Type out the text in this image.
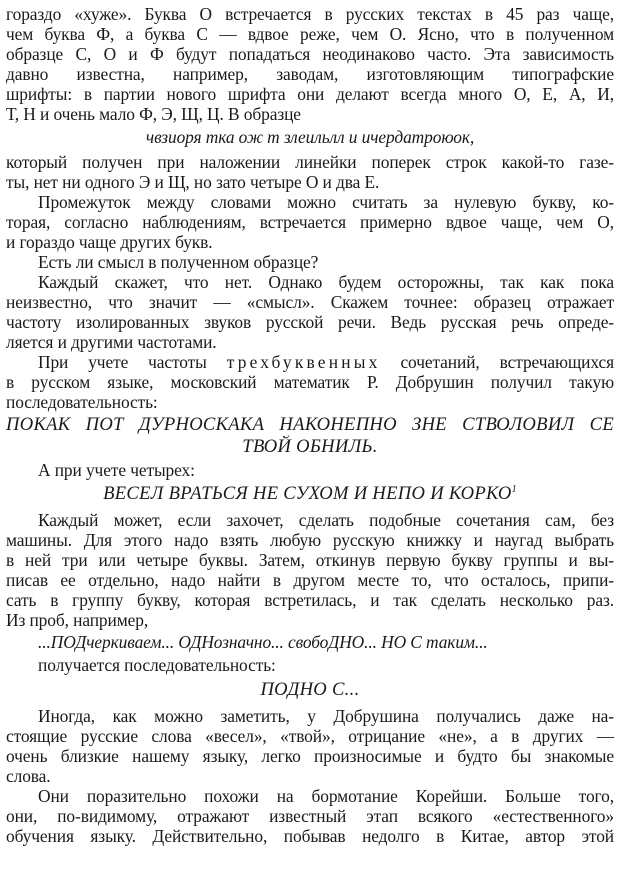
гораздо «хуже». Буква О встречается в русских текстах в 45 раз чаще,
чем буква Ф, а буква С — вдвое реже, чем О. Ясно, что в полученном
образце С, О и Ф будут попадаться неодинаково часто. Эта зависимость
давно известна, например, заводам, изготовляющим типографские
шрифты: в партии нового шрифта они делают всегда много О, Е, А, И,
Т, Н и очень мало Ф, Э, Щ, Ц. В образце
чвзиоря тка ож т злеильлл и ичердатроюок,
который получен при наложении линейки поперек строк какой-то газе-
ты, нет ни одного Э и Щ, но зато четыре О и два Е.
Промежуток между словами можно считать за нулевую букву, ко-
торая, согласно наблюдениям, встречается примерно вдвое чаще, чем О,
и гораздо чаще других букв.
Есть ли смысл в полученном образце?
Каждый скажет, что нет. Однако будем осторожны, так как пока
неизвестно, что значит — «смысл». Скажем точнее: образец отражает
частоту изолированных звуков русской речи. Ведь русская речь опреде-
ляется и другими частотами.
При учете частоты трехбуквенных сочетаний, встречающихся
в русском языке, московский математик Р. Добрушин получил такую
последовательность:
ПОКАК ПОТ ДУРНОСКАКА НАКОНЕПНО ЗНЕ СТВОЛОВИЛ СЕ
ТВОЙ ОБНИЛЬ.
А при учете четырех:
ВЕСЕЛ ВРАТЬСЯ НЕ СУХОМ И НЕПО И КОРКО$^1$
Каждый может, если захочет, сделать подобные сочетания сам, без
машины. Для этого надо взять любую русскую книжку и наугад выбрать
в ней три или четыре буквы. Затем, откинув первую букву группы и вы-
писав ее отдельно, надо найти в другом месте то, что осталось, припи-
сать в группу букву, которая встретилась, и так сделать несколько раз.
Из проб, например,
...ПОДчеркиваем... ОДНозначно... свобоДНО... НО С таким...
получается последовательность:
ПОДНО С...
Иногда, как можно заметить, у Добрушина получались даже на-
стоящие русские слова «весел», «твой», отрицание «не», а в других —
очень близкие нашему языку, легко произносимые и будто бы знакомые
слова.
Они поразительно похожи на бормотание Корейши. Больше того,
они, по-видимому, отражают известный этап всякого «естественного»
обучения языку. Действительно, побывав недолго в Китае, автор этой
